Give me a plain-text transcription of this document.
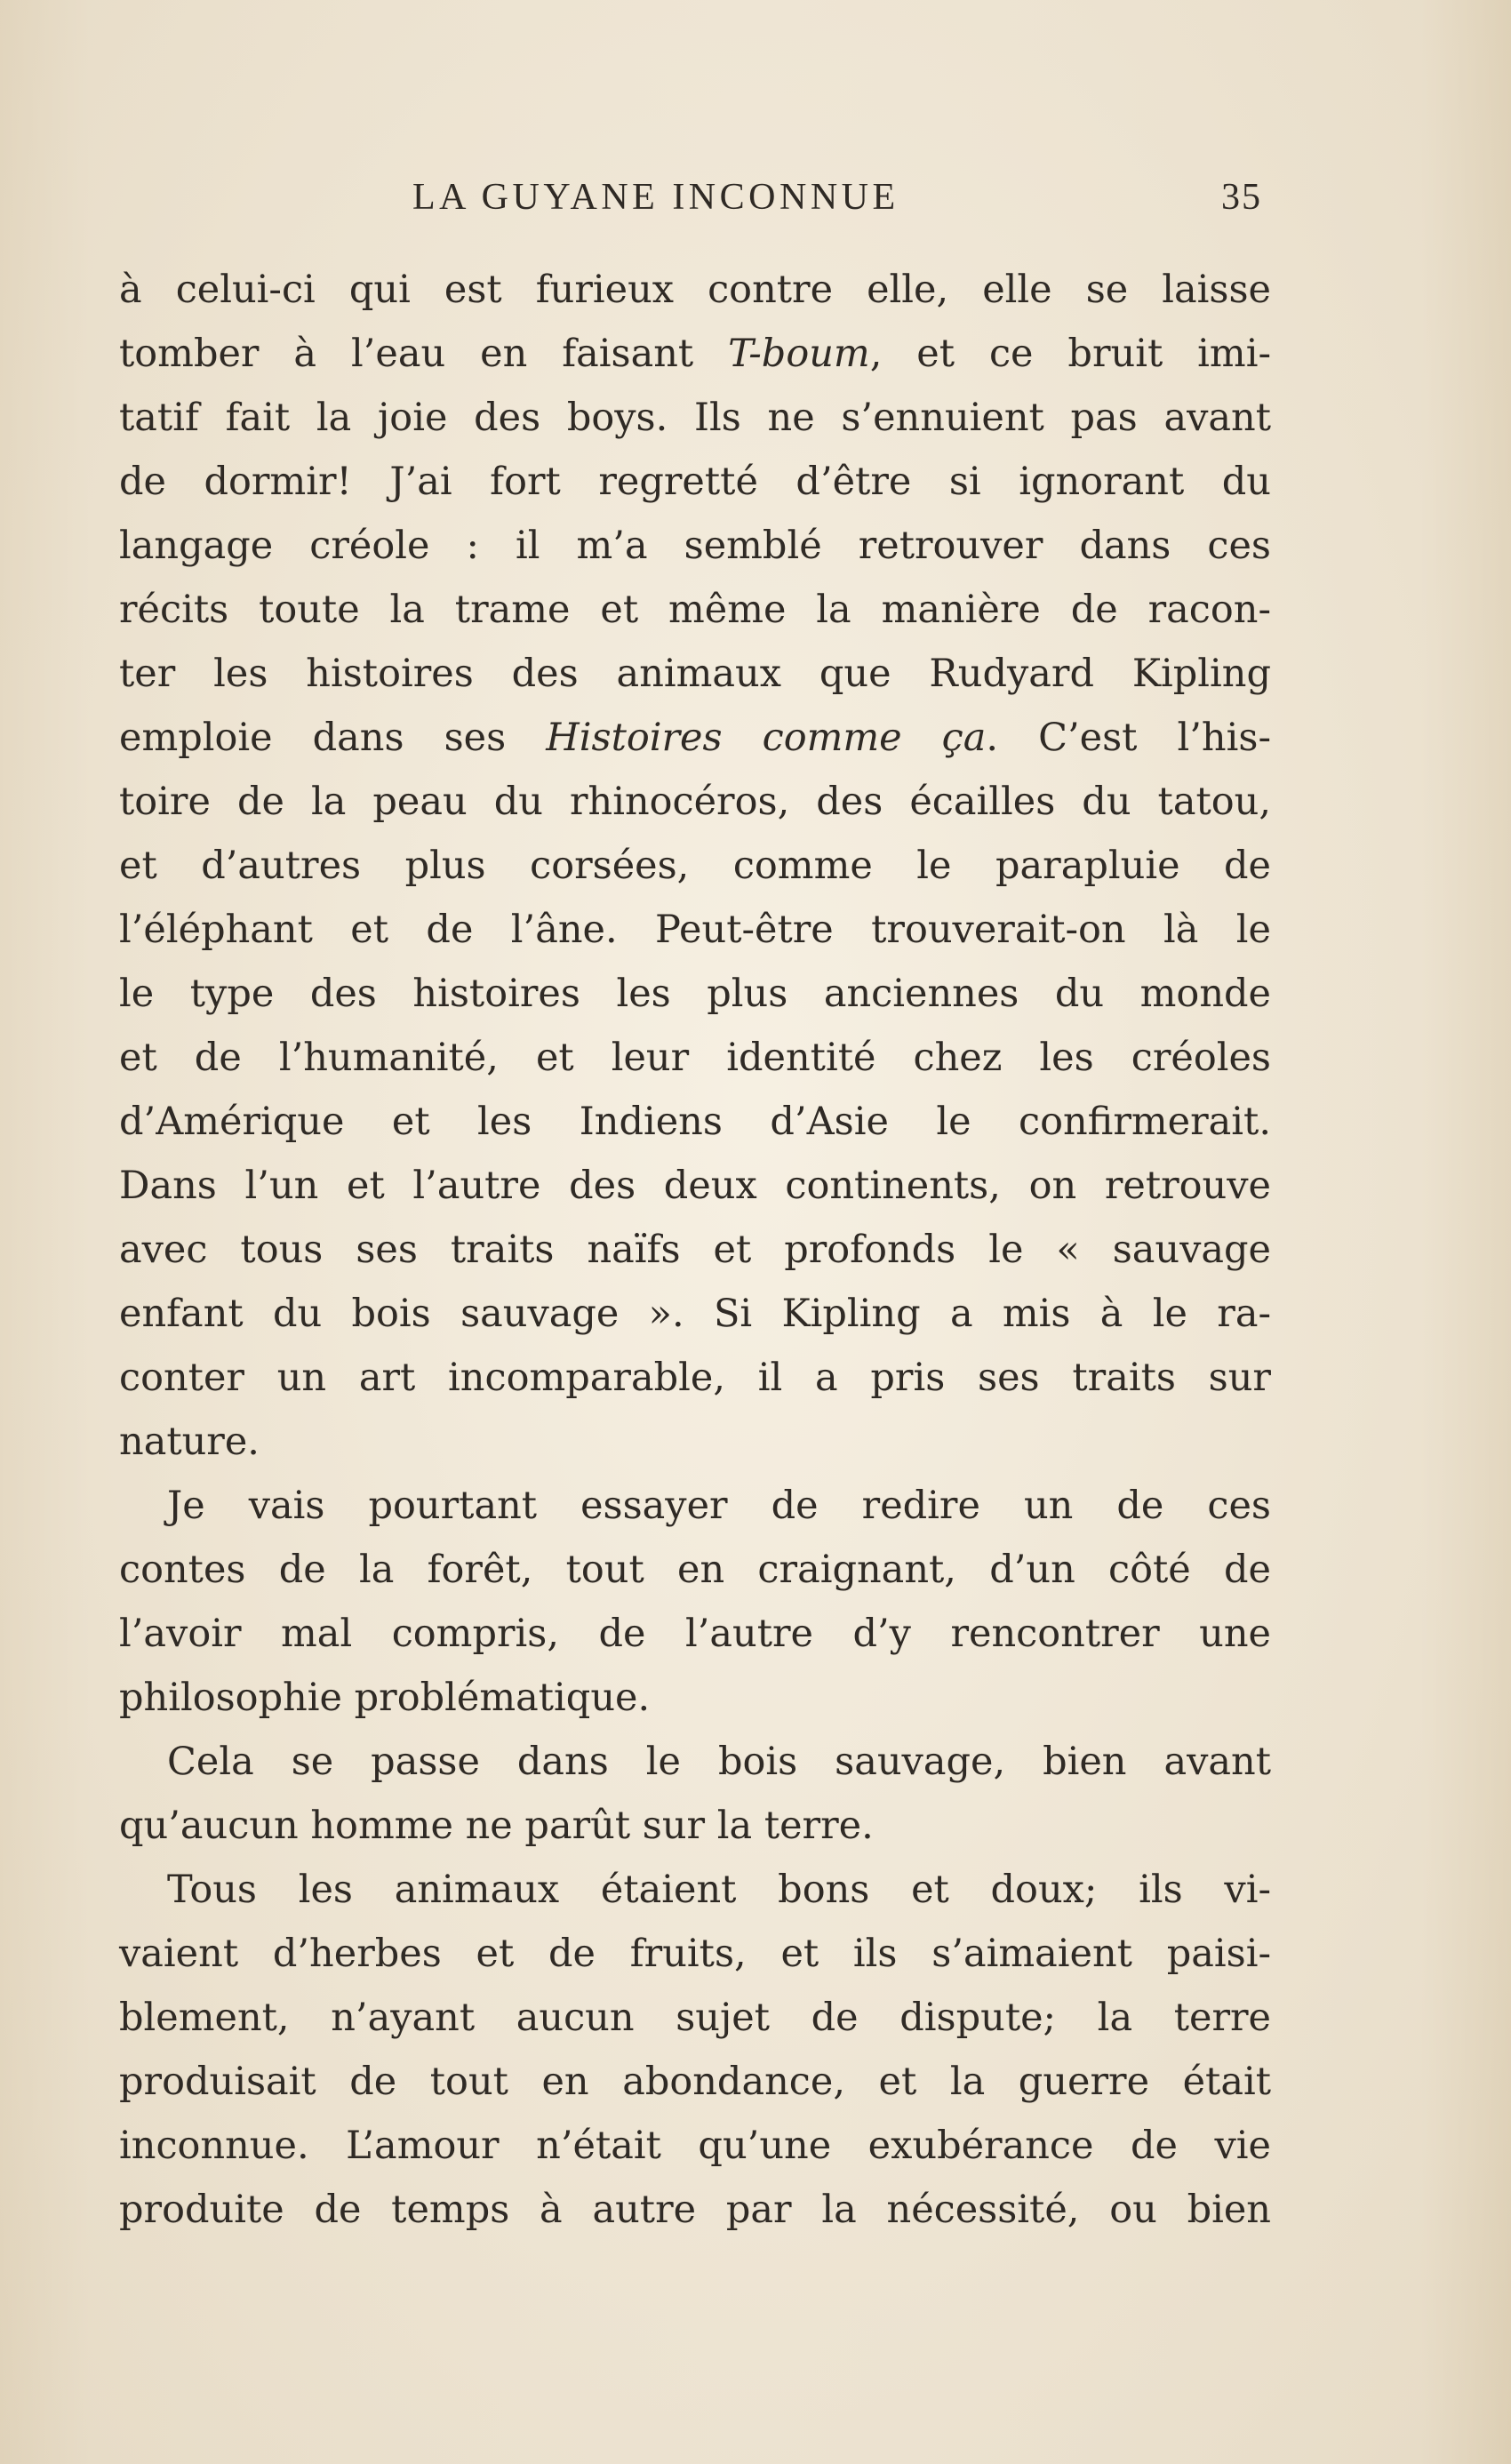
LA GUYANE INCONNUE	35
à celui-ci qui est furieux contre elle, elle se laisse
tomber à l’eau en faisant T-boum, et ce bruit imi-
tatif fait la joie des boys. Ils ne s’ennuient pas avant
de dormir! J’ai fort regretté d’être si ignorant du
langage créole : il m’a semblé retrouver dans ces
récits toute la trame et même la manière de racon-
ter les histoires des animaux que Rudyard Kipling
emploie dans ses Histoires comme ça. C’est l’his-
toire de la peau du rhinocéros, des écailles du tatou,
et d’autres plus corsées, comme le parapluie de
l’éléphant et de l’âne. Peut-être trouverait-on là le
le type des histoires les plus anciennes du monde
et de l’humanité, et leur identité chez les créoles
d’Amérique et les Indiens d’Asie le confirmerait.
Dans l’un et l’autre des deux continents, on retrouve
avec tous ses traits naïfs et profonds le « sauvage
enfant du bois sauvage ». Si Kipling a mis à le ra-
conter un art incomparable, il a pris ses traits sur
nature.
Je vais pourtant essayer de redire un de ces
contes de la forêt, tout en craignant, d’un côté de
l’avoir mal compris, de l’autre d’y rencontrer une
philosophie problématique.
Cela se passe dans le bois sauvage, bien avant
qu’aucun homme ne parût sur la terre.
Tous les animaux étaient bons et doux; ils vi-
vaient d’herbes et de fruits, et ils s’aimaient paisi-
blement, n’ayant aucun sujet de dispute; la terre
produisait de tout en abondance, et la guerre était
inconnue. L’amour n’était qu’une exubérance de vie
produite de temps à autre par la nécessité, ou bien
